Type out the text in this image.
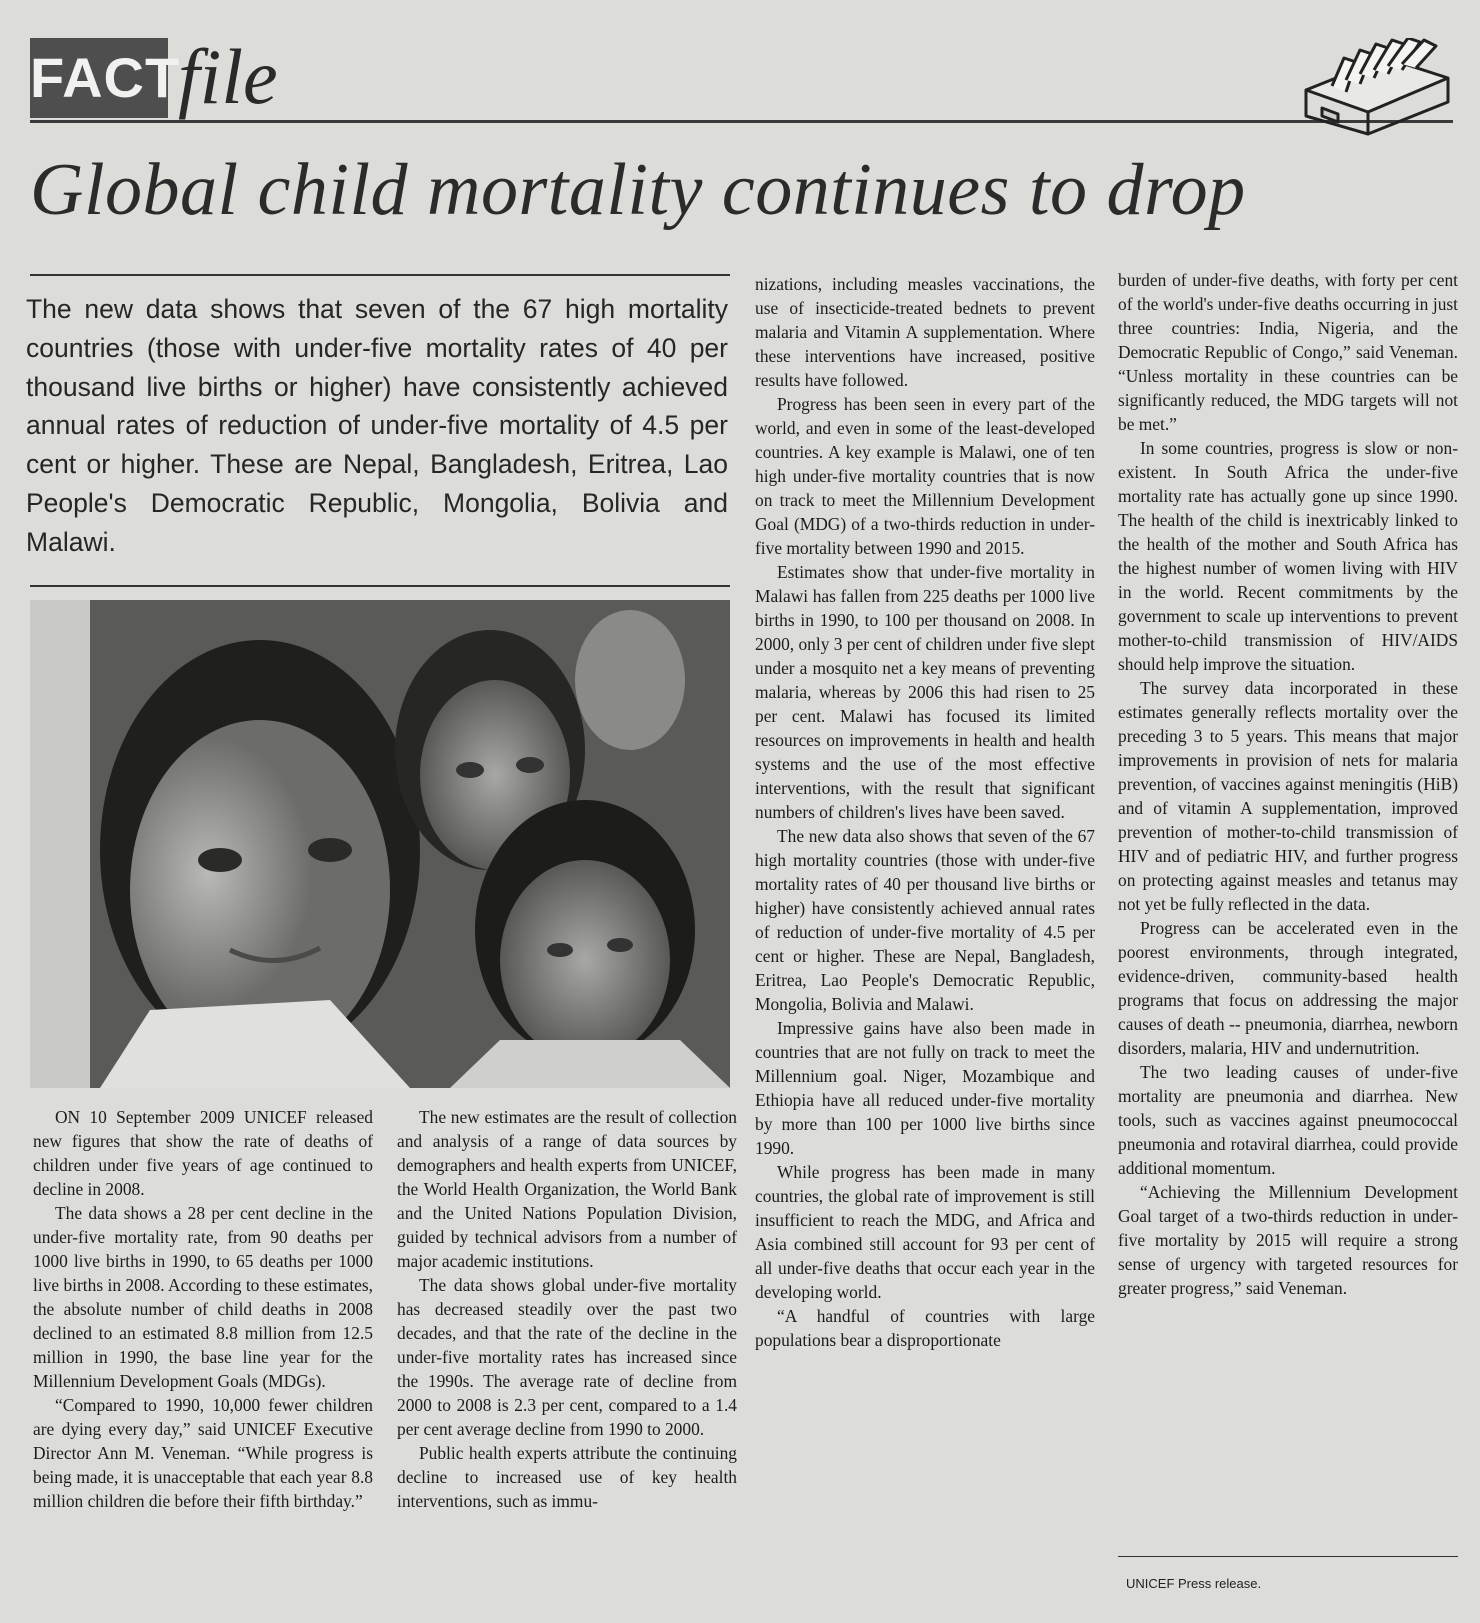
FACT
file
Global child mortality continues to drop
The new data shows that seven of the 67 high mortality countries (those with under-five mortality rates of 40 per thousand live births or higher) have consistently achieved annual rates of reduction of under-five mortality of 4.5 per cent or higher. These are Nepal, Bangladesh, Eritrea, Lao People's Democratic Republic, Mongolia, Bolivia and Malawi.

ON 10 September 2009 UNICEF released new figures that show the rate of deaths of children under five years of age continued to decline in 2008.

The data shows a 28 per cent decline in the under-five mortality rate, from 90 deaths per 1000 live births in 1990, to 65 deaths per 1000 live births in 2008. According to these estimates, the absolute number of child deaths in 2008 declined to an estimated 8.8 million from 12.5 million in 1990, the base line year for the Millennium Development Goals (MDGs).

“Compared to 1990, 10,000 fewer children are dying every day,” said UNICEF Executive Director Ann M. Veneman. “While progress is being made, it is unacceptable that each year 8.8 million children die before their fifth birthday.”

The new estimates are the result of collection and analysis of a range of data sources by demographers and health experts from UNICEF, the World Health Organization, the World Bank and the United Nations Population Division, guided by technical advisors from a number of major academic institutions.

The data shows global under-five mortality has decreased steadily over the past two decades, and that the rate of the decline in the under-five mortality rates has increased since the 1990s. The average rate of decline from 2000 to 2008 is 2.3 per cent, compared to a 1.4 per cent average decline from 1990 to 2000.

Public health experts attribute the continuing decline to increased use of key health interventions, such as immu-

nizations, including measles vaccinations, the use of insecticide-treated bednets to prevent malaria and Vitamin A supplementation. Where these interventions have increased, positive results have followed.

Progress has been seen in every part of the world, and even in some of the least-developed countries. A key example is Malawi, one of ten high under-five mortality countries that is now on track to meet the Millennium Development Goal (MDG) of a two-thirds reduction in under-five mortality between 1990 and 2015.

Estimates show that under-five mortality in Malawi has fallen from 225 deaths per 1000 live births in 1990, to 100 per thousand on 2008. In 2000, only 3 per cent of children under five slept under a mosquito net a key means of preventing malaria, whereas by 2006 this had risen to 25 per cent. Malawi has focused its limited resources on improvements in health and health systems and the use of the most effective interventions, with the result that significant numbers of children's lives have been saved.

The new data also shows that seven of the 67 high mortality countries (those with under-five mortality rates of 40 per thousand live births or higher) have consistently achieved annual rates of reduction of under-five mortality of 4.5 per cent or higher. These are Nepal, Bangladesh, Eritrea, Lao People's Democratic Republic, Mongolia, Bolivia and Malawi.

Impressive gains have also been made in countries that are not fully on track to meet the Millennium goal. Niger, Mozambique and Ethiopia have all reduced under-five mortality by more than 100 per 1000 live births since 1990.

While progress has been made in many countries, the global rate of improvement is still insufficient to reach the MDG, and Africa and Asia combined still account for 93 per cent of all under-five deaths that occur each year in the developing world.

“A handful of countries with large populations bear a disproportionate

burden of under-five deaths, with forty per cent of the world's under-five deaths occurring in just three countries: India, Nigeria, and the Democratic Republic of Congo,” said Veneman. “Unless mortality in these countries can be significantly reduced, the MDG targets will not be met.”

In some countries, progress is slow or non-existent. In South Africa the under-five mortality rate has actually gone up since 1990. The health of the child is inextricably linked to the health of the mother and South Africa has the highest number of women living with HIV in the world. Recent commitments by the government to scale up interventions to prevent mother-to-child transmission of HIV/AIDS should help improve the situation.

The survey data incorporated in these estimates generally reflects mortality over the preceding 3 to 5 years. This means that major improvements in provision of nets for malaria prevention, of vaccines against meningitis (HiB) and of vitamin A supplementation, improved prevention of mother-to-child transmission of HIV and of pediatric HIV, and further progress on protecting against measles and tetanus may not yet be fully reflected in the data.

Progress can be accelerated even in the poorest environments, through integrated, evidence-driven, community-based health programs that focus on addressing the major causes of death -- pneumonia, diarrhea, newborn disorders, malaria, HIV and undernutrition.

The two leading causes of under-five mortality are pneumonia and diarrhea. New tools, such as vaccines against pneumococcal pneumonia and rotaviral diarrhea, could provide additional momentum.

“Achieving the Millennium Development Goal target of a two-thirds reduction in under-five mortality by 2015 will require a strong sense of urgency with targeted resources for greater progress,” said Veneman.

UNICEF Press release.
